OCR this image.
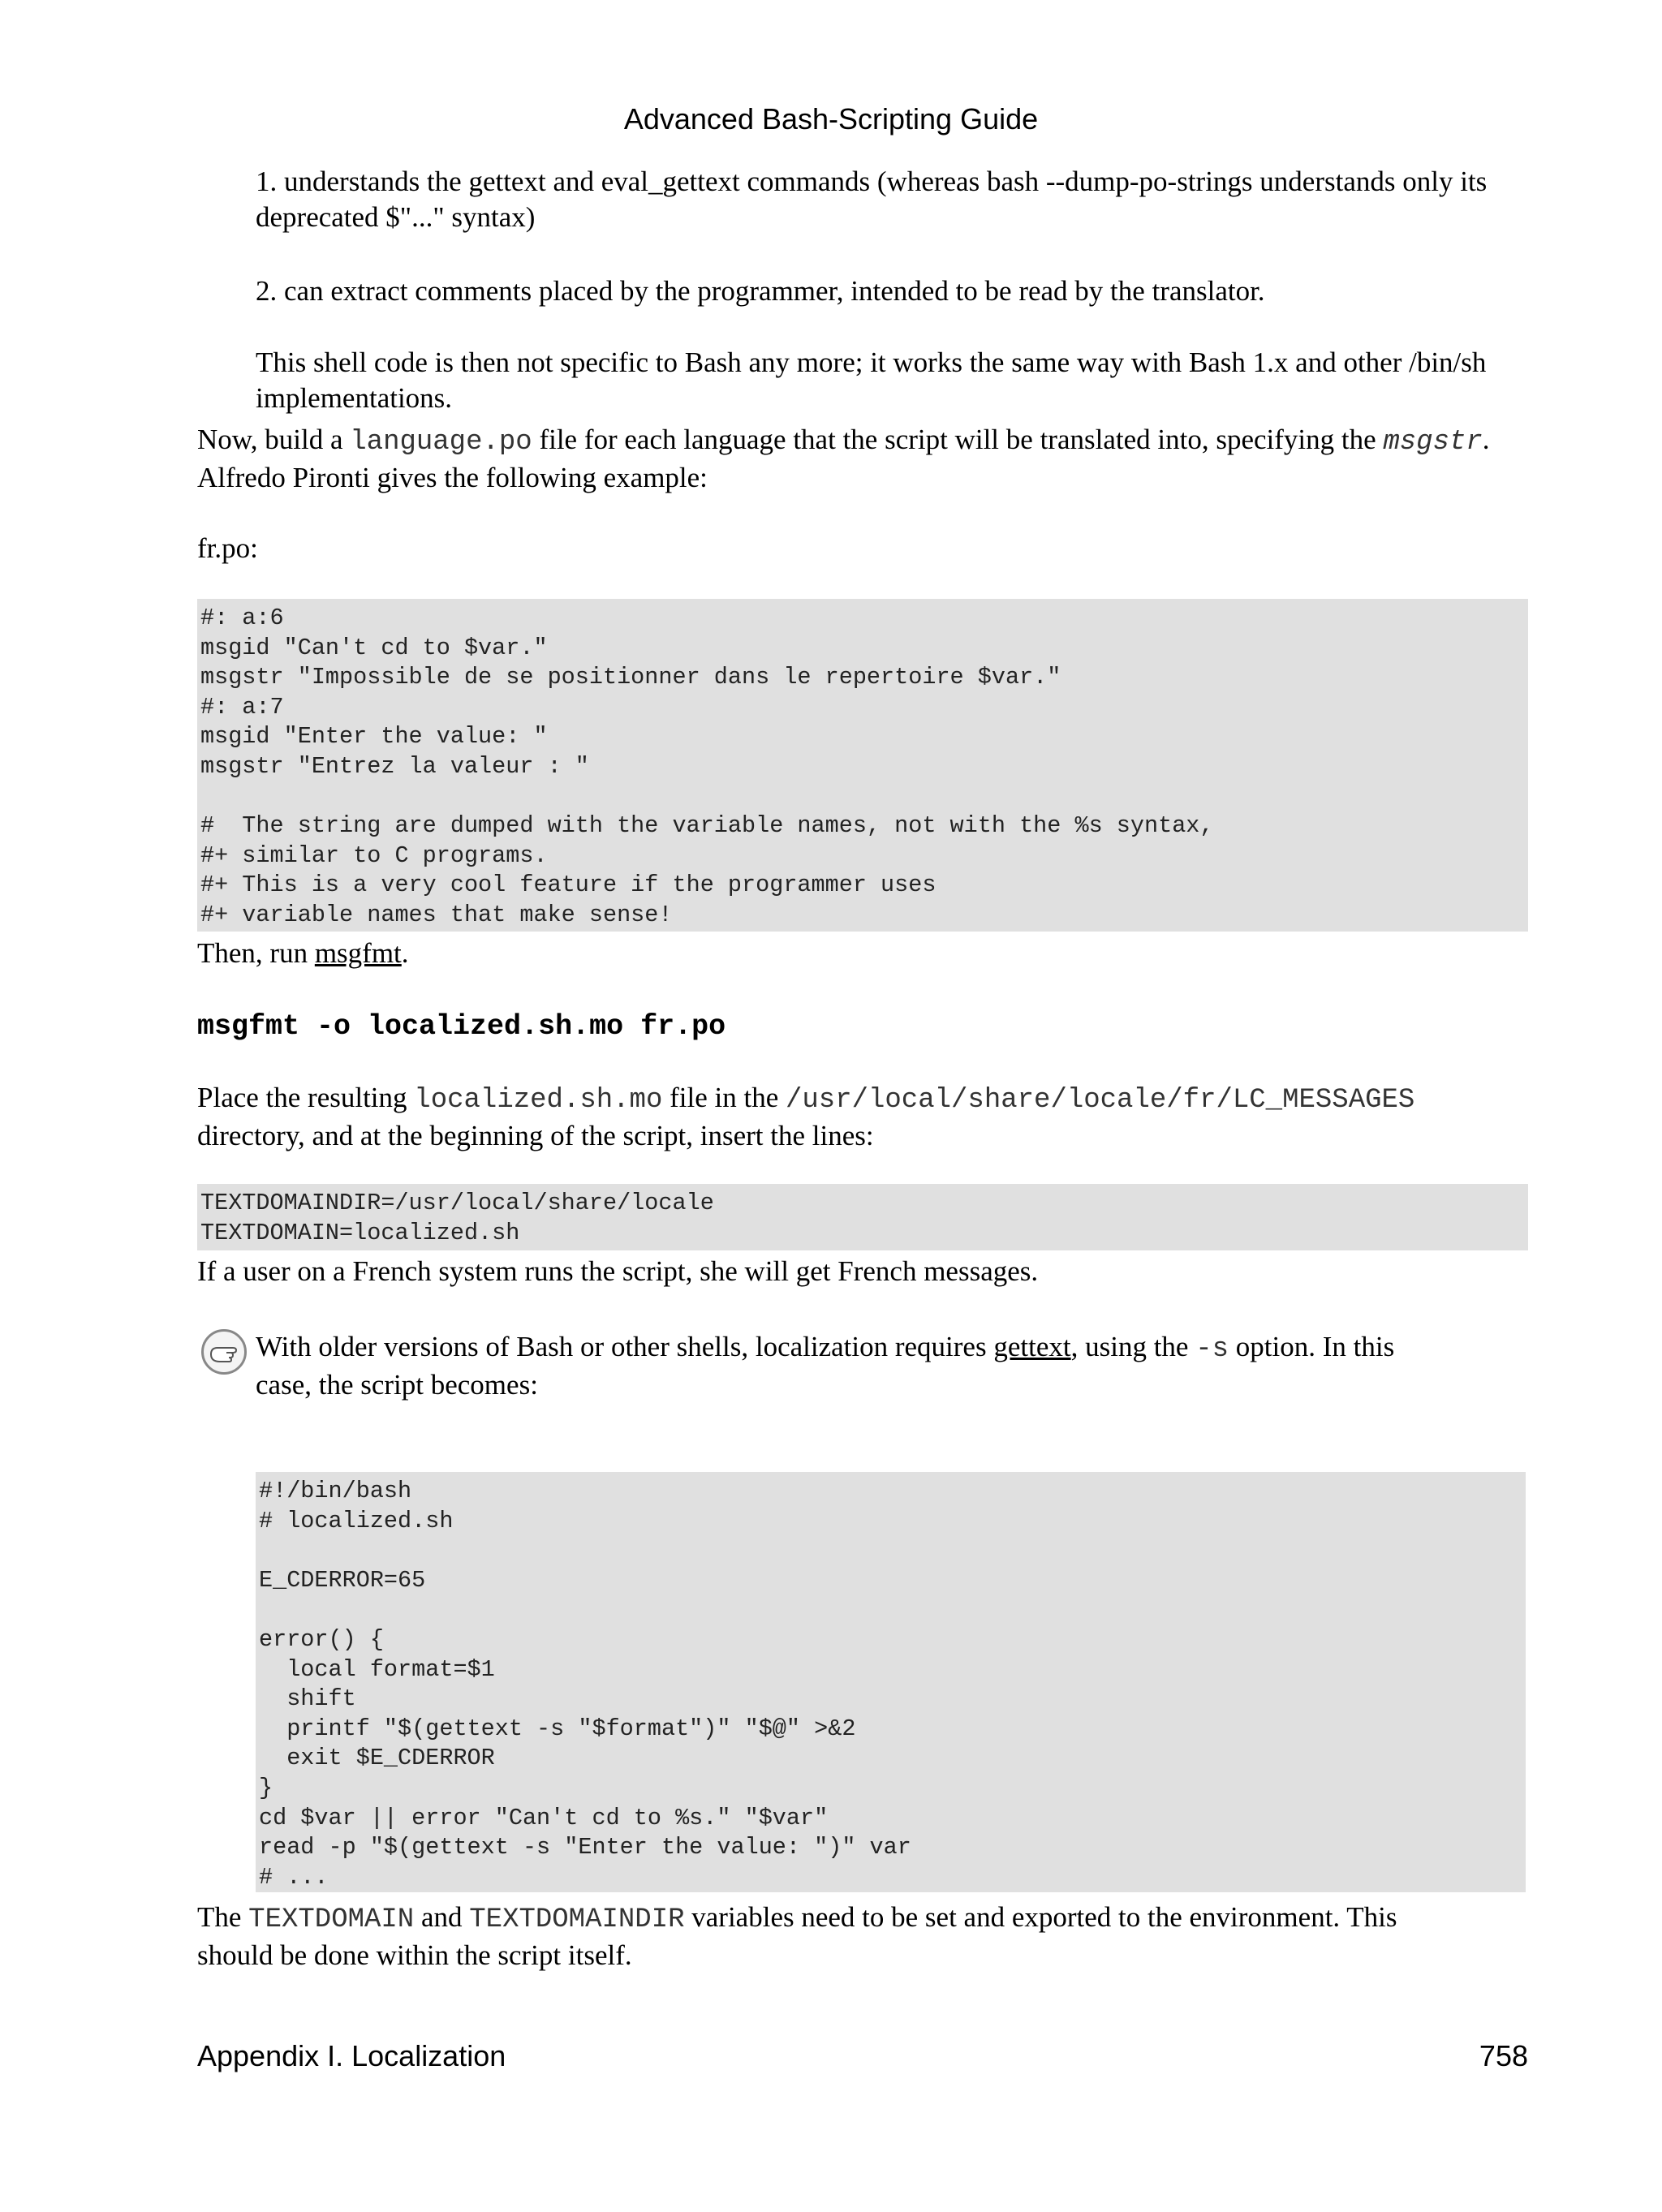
Advanced Bash-Scripting Guide
1. understands the gettext and eval_gettext commands (whereas bash --dump-po-strings understands only its deprecated $"..." syntax)
2. can extract comments placed by the programmer, intended to be read by the translator.
This shell code is then not specific to Bash any more; it works the same way with Bash 1.x and other /bin/sh implementations.
Now, build a language.po file for each language that the script will be translated into, specifying the msgstr. Alfredo Pironti gives the following example:
fr.po:
#: a:6
msgid "Can't cd to $var."
msgstr "Impossible de se positionner dans le repertoire $var."
#: a:7
msgid "Enter the value: "
msgstr "Entrez la valeur : "

#  The string are dumped with the variable names, not with the %s syntax,
#+ similar to C programs.
#+ This is a very cool feature if the programmer uses
#+ variable names that make sense!
Then, run msgfmt.
msgfmt -o localized.sh.mo fr.po
Place the resulting localized.sh.mo file in the /usr/local/share/locale/fr/LC_MESSAGES
directory, and at the beginning of the script, insert the lines:
TEXTDOMAINDIR=/usr/local/share/locale
TEXTDOMAIN=localized.sh
If a user on a French system runs the script, she will get French messages.
With older versions of Bash or other shells, localization requires gettext, using the -s option. In this
case, the script becomes:
#!/bin/bash
# localized.sh

E_CDERROR=65

error() {
local format=$1
shift
printf "$(gettext -s "$format")" "$@" >&2
exit $E_CDERROR
}
cd $var || error "Can't cd to %s." "$var"
read -p "$(gettext -s "Enter the value: ")" var
# ...
The TEXTDOMAIN and TEXTDOMAINDIR variables need to be set and exported to the environment. This
should be done within the script itself.
Appendix I. Localization	758
